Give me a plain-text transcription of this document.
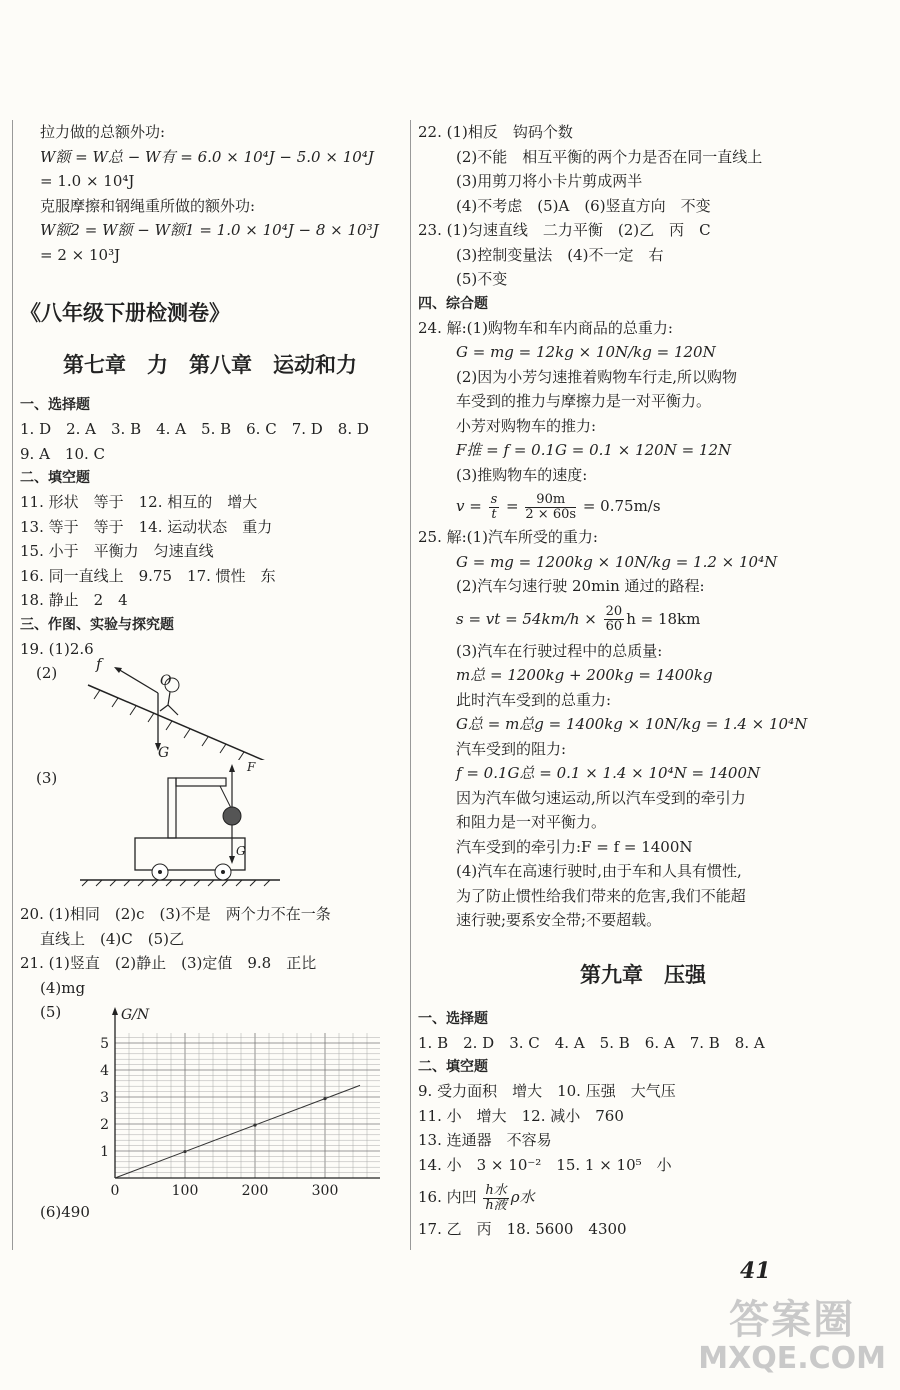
拉力做的总额外功:
W额 = W总 − W有 = 6.0 × 10⁴J − 5.0 × 10⁴J
= 1.0 × 10⁴J
克服摩擦和钢绳重所做的额外功:
W额2 = W额 − W额1 = 1.0 × 10⁴J − 8 × 10³J
= 2 × 10³J
《八年级下册检测卷》
第七章　力　第八章　运动和力
一、选择题
1. D　2. A　3. B　4. A　5. B　6. C　7. D　8. D
9. A　10. C
二、填空题
11. 形状　等于　12. 相互的　增大
13. 等于　等于　14. 运动状态　重力
15. 小于　平衡力　匀速直线
16. 同一直线上　9.75　17. 惯性　东
18. 静止　2　4
三、作图、实验与探究题
19. (1)2.6
(2)	f
O
G
(3)
F
G
20. (1)相同　(2)c　(3)不是　两个力不在一条
直线上　(4)C　(5)乙
21. (1)竖直　(2)静止　(3)定值　9.8　正比
(4)mg
(5)
0	100	200	300
1
2
3
4
5
G/N
(6)490
22. (1)相反　钩码个数
(2)不能　相互平衡的两个力是否在同一直线上
(3)用剪刀将小卡片剪成两半
(4)不考虑　(5)A　(6)竖直方向　不变
23. (1)匀速直线　二力平衡　(2)乙　丙　C
(3)控制变量法　(4)不一定　右
(5)不变
四、综合题
24. 解:(1)购物车和车内商品的总重力:
G = mg = 12kg × 10N/kg = 120N
(2)因为小芳匀速推着购物车行走,所以购物
车受到的推力与摩擦力是一对平衡力。
小芳对购物车的推力:
F推 = f = 0.1G = 0.1 × 120N = 12N
(3)推购物车的速度:
$v = \frac{s}{t} = \frac{90m}{2 \times 60s} = 0.75m/s$
25. 解:(1)汽车所受的重力:
G = mg = 1200kg × 10N/kg = 1.2 × 10⁴N
(2)汽车匀速行驶 20min 通过的路程:
s = vt = $54km/h \times \frac{20}{60}$ h = 18km
(3)汽车在行驶过程中的总质量:
m总 = 1200kg + 200kg = 1400kg
此时汽车受到的总重力:
G总 = m总g = 1400kg × 10N/kg = 1.4 × 10⁴N
汽车受到的阻力:
f = 0.1G总 = 0.1 × 1.4 × 10⁴N = 1400N
因为汽车做匀速运动,所以汽车受到的牵引力
和阻力是一对平衡力。
汽车受到的牵引力:F = f = 1400N
(4)汽车在高速行驶时,由于车和人具有惯性,
为了防止惯性给我们带来的危害,我们不能超
速行驶;要系安全带;不要超载。
第九章　压强
一、选择题
1. B　2. D　3. C　4. A　5. B　6. A　7. B　8. A
二、填空题
9. 受力面积　增大　10. 压强　大气压
11. 小　增大　12. 减小　760
13. 连通器　不容易
14. 小　3 × 10⁻²　15. 1 × 10⁵　小
16. 内凹 $\frac{\text{h水}}{\text{h液}}$ ρ水
17. 乙　丙　18. 5600　4300
41
答案圈
MXQE.COM
